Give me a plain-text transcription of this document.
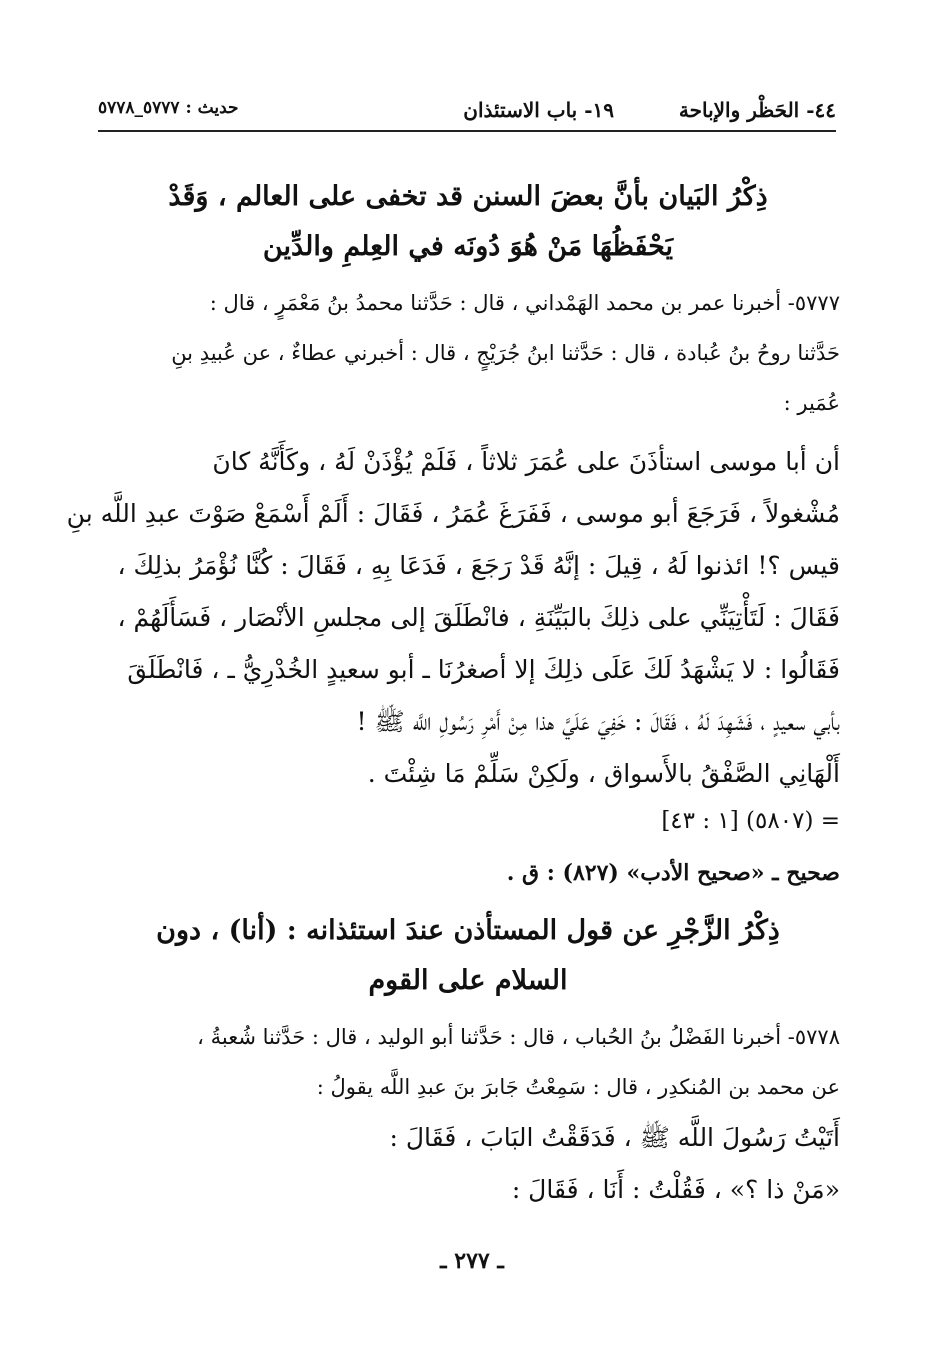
٤٤- الحَظْر والإباحة
١٩- باب الاستئذان
حديث : ٥٧٧٧_٥٧٧٨
ذِكْرُ البَيان بأنَّ بعضَ السنن قد تخفى على العالم ، وَقَدْ
يَحْفَظُهَا مَنْ هُوَ دُونَه في العِلمِ والدِّين

٥٧٧٧- أخبرنا عمر بن محمد الهَمْداني ، قال : حَدَّثنا محمدُ بنُ مَعْمَرٍ ، قال :

حَدَّثنا روحُ بنُ عُبادة ، قال : حَدَّثنا ابنُ جُرَيْجٍ ، قال : أخبرني عطاءٌ ، عن عُبيدِ بنِ

عُمَير :

أن أبا موسى استأذَنَ على عُمَرَ ثلاثاً ، فَلَمْ يُؤْذَنْ لَهُ ، وكَأَنَّهُ كانَ

مُشْغولاً ، فَرَجَعَ أبو موسى ، فَفَرَغَ عُمَرُ ، فَقَالَ : أَلَمْ أَسْمَعْ صَوْتَ عبدِ اللَّه بنِ

قيس ؟! ائذنوا لَهُ ، قِيلَ : إنَّهُ قَدْ رَجَعَ ، فَدَعَا بِهِ ، فَقَالَ : كُنَّا نُؤْمَرُ بذلِكَ ،

فَقَالَ : لَتَأْتِيَنِّي على ذلِكَ بالبَيِّنَةِ ، فانْطَلَقَ إلى مجلسِ الأنْصَار ، فَسَأَلَهُمْ ،

فَقَالُوا : لا يَشْهَدُ لَكَ عَلَى ذلِكَ إلا أصغرُنَا ـ أبو سعيدٍ الخُدْرِيُّ ـ ، فَانْطَلَقَ

بأبي سعيدٍ ، فَشَهِدَ لَهُ ، فَقَالَ : خَفِيَ عَلَيَّ هذا مِنْ أَمْرِ رَسُولِ اللَّه ﷺ !

أَلْهَانِي الصَّفْقُ بالأَسواق ، ولَكِنْ سَلِّمْ مَا شِئْتَ .

= (٥٨٠٧) [١ : ٤٣]
صحيح ـ «صحيح الأدب» (٨٢٧) : ق .
ذِكْرُ الزَّجْرِ عن قول المستأذن عندَ استئذانه : (أنا) ، دون
السلام على القوم

٥٧٧٨- أخبرنا الفَضْلُ بنُ الحُباب ، قال : حَدَّثنا أبو الوليد ، قال : حَدَّثنا شُعبةُ ،

عن محمد بن المُنكدِر ، قال : سَمِعْتُ جَابرَ بنَ عبدِ اللَّه يقولُ :

أَتَيْتُ رَسُولَ اللَّه ﷺ ، فَدَقَقْتُ البَابَ ، فَقَالَ :

«مَنْ ذا ؟» ، فَقُلْتُ : أَنَا ، فَقَالَ :

ـ ٢٧٧ ـ
